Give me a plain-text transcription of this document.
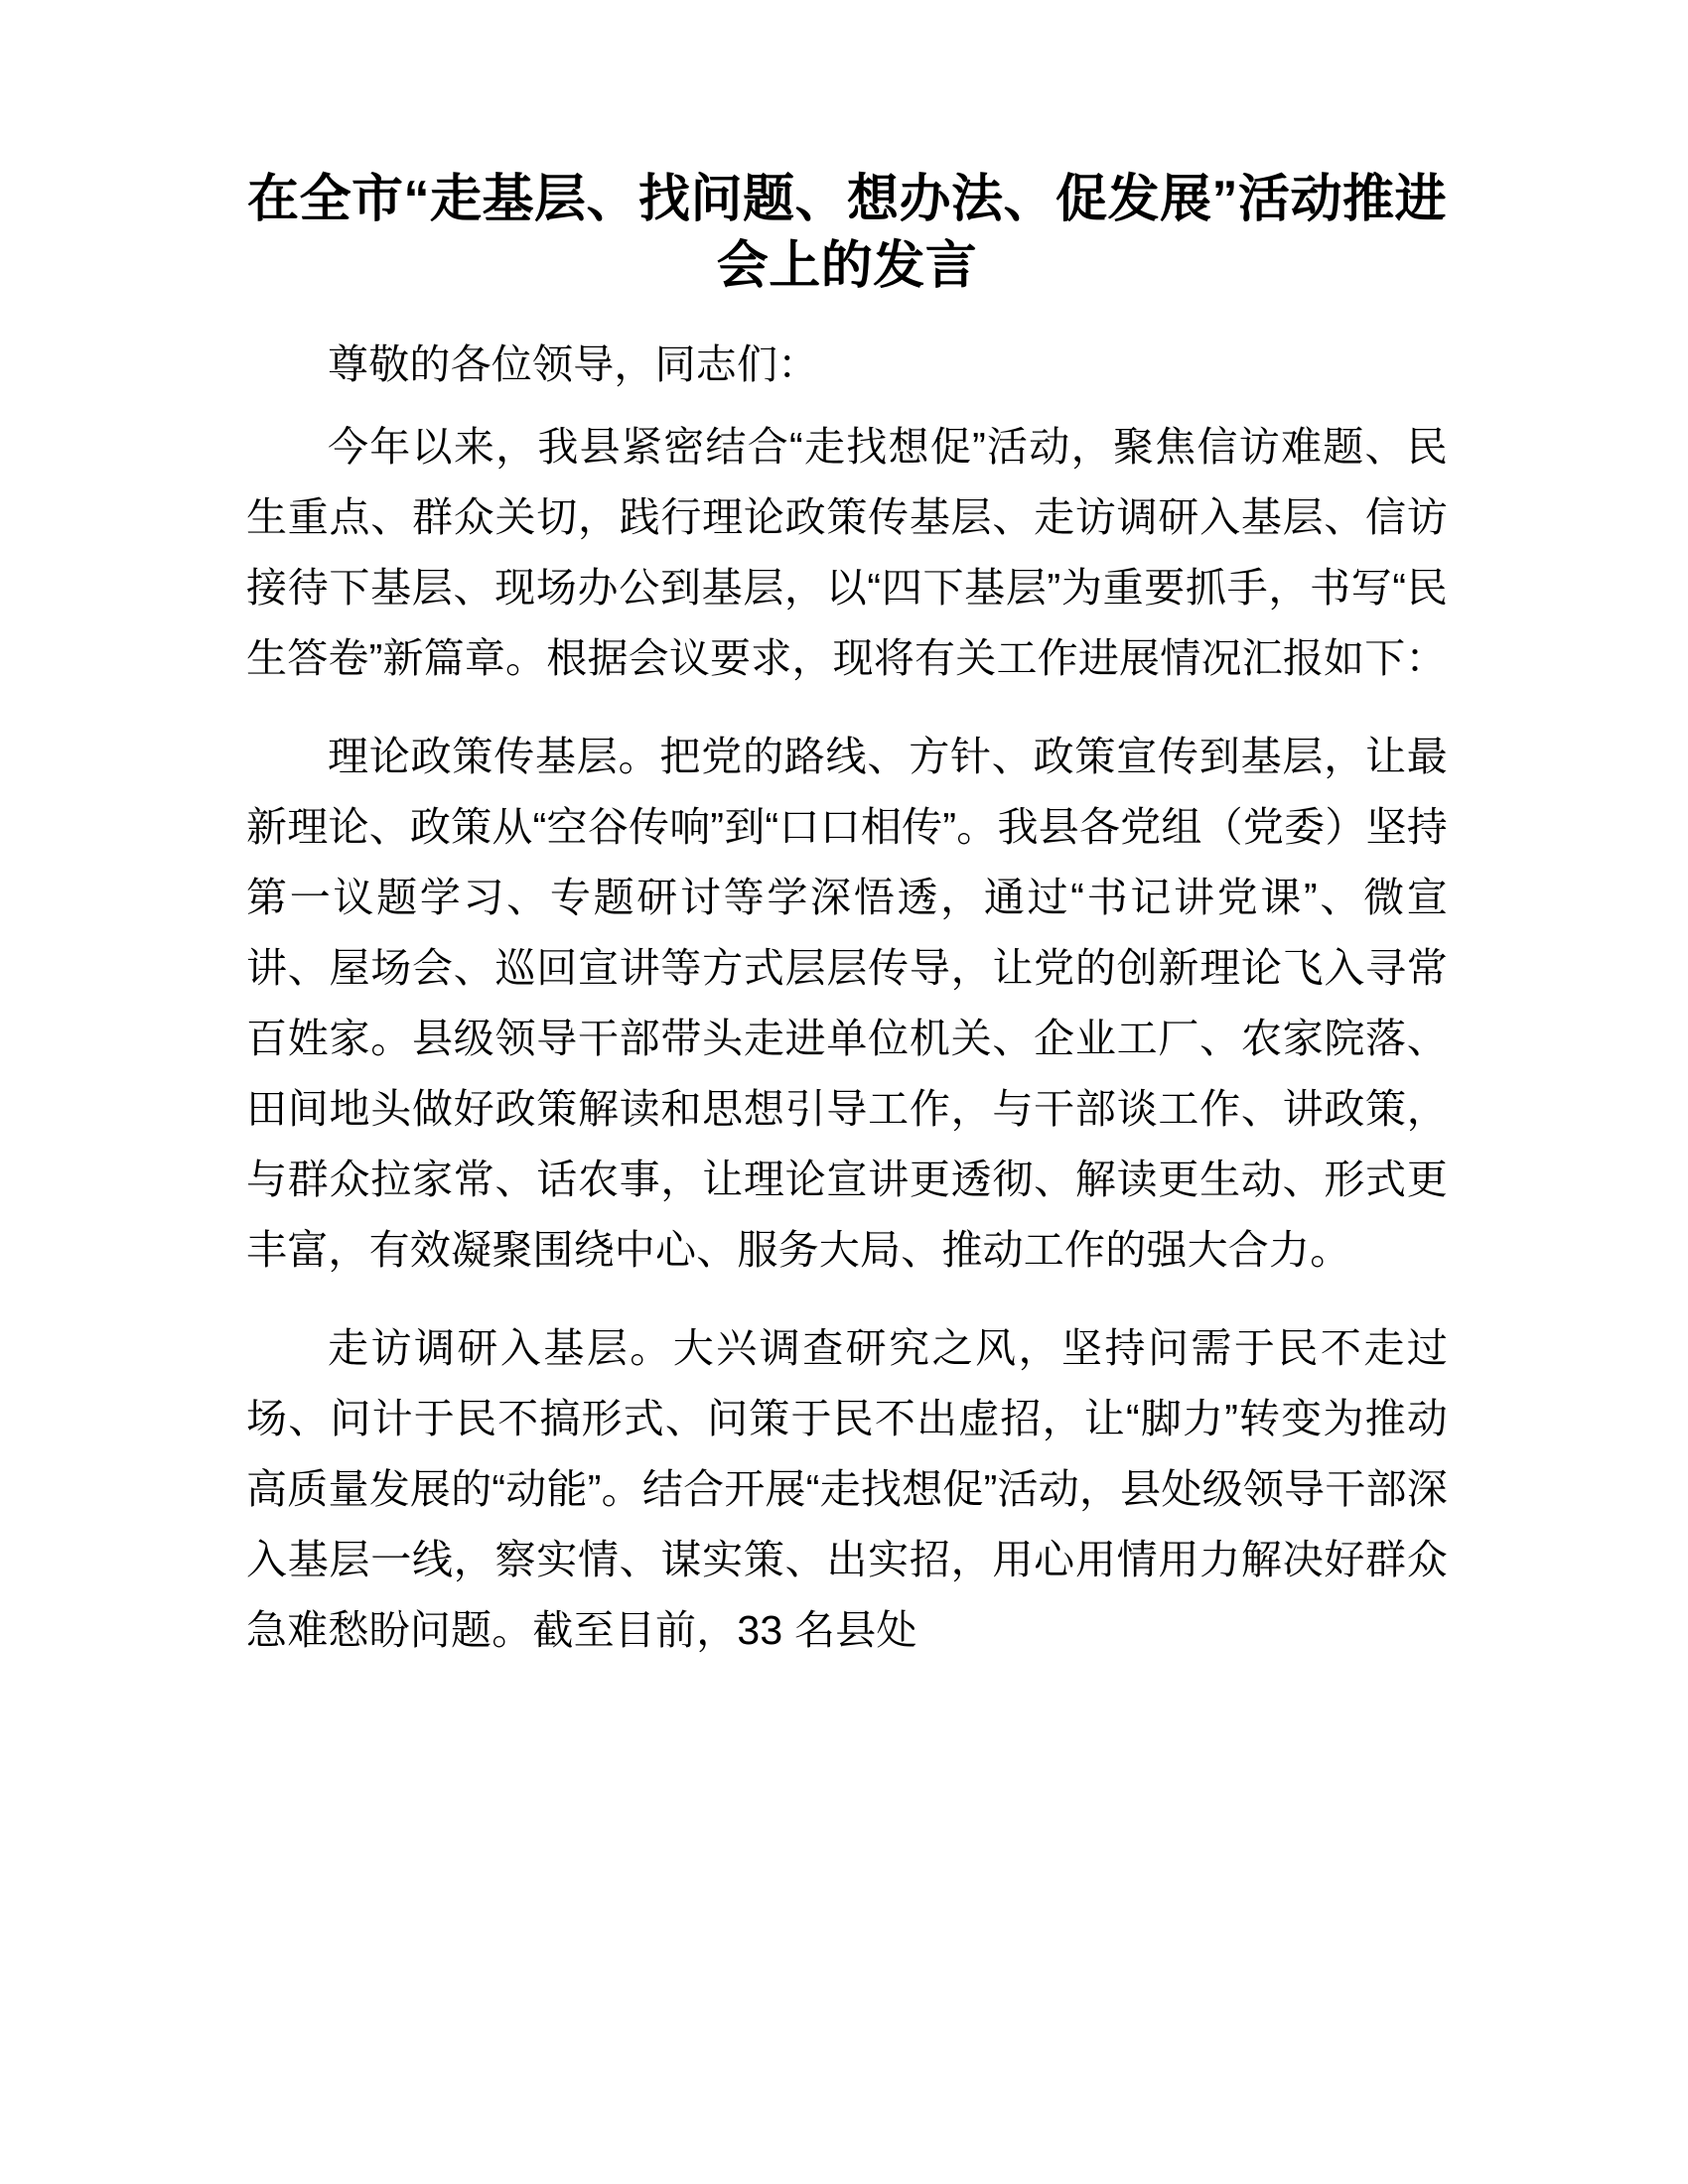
在全市“走基层、找问题、想办法、促发展”活动推进会上的发言

尊敬的各位领导，同志们：

今年以来，我县紧密结合“走找想促”活动，聚焦信访难题、民生重点、群众关切，践行理论政策传基层、走访调研入基层、信访接待下基层、现场办公到基层，以“四下基层”为重要抓手，书写“民生答卷”新篇章。根据会议要求，现将有关工作进展情况汇报如下：

理论政策传基层。把党的路线、方针、政策宣传到基层，让最新理论、政策从“空谷传响”到“口口相传”。我县各党组（党委）坚持第一议题学习、专题研讨等学深悟透，通过“书记讲党课”、微宣讲、屋场会、巡回宣讲等方式层层传导，让党的创新理论飞入寻常百姓家。县级领导干部带头走进单位机关、企业工厂、农家院落、田间地头做好政策解读和思想引导工作，与干部谈工作、讲政策，与群众拉家常、话农事，让理论宣讲更透彻、解读更生动、形式更丰富，有效凝聚围绕中心、服务大局、推动工作的强大合力。

走访调研入基层。大兴调查研究之风，坚持问需于民不走过场、问计于民不搞形式、问策于民不出虚招，让“脚力”转变为推动高质量发展的“动能”。结合开展“走找想促”活动，县处级领导干部深入基层一线，察实情、谋实策、出实招，用心用情用力解决好群众急难愁盼问题。截至目前，33 名县处
